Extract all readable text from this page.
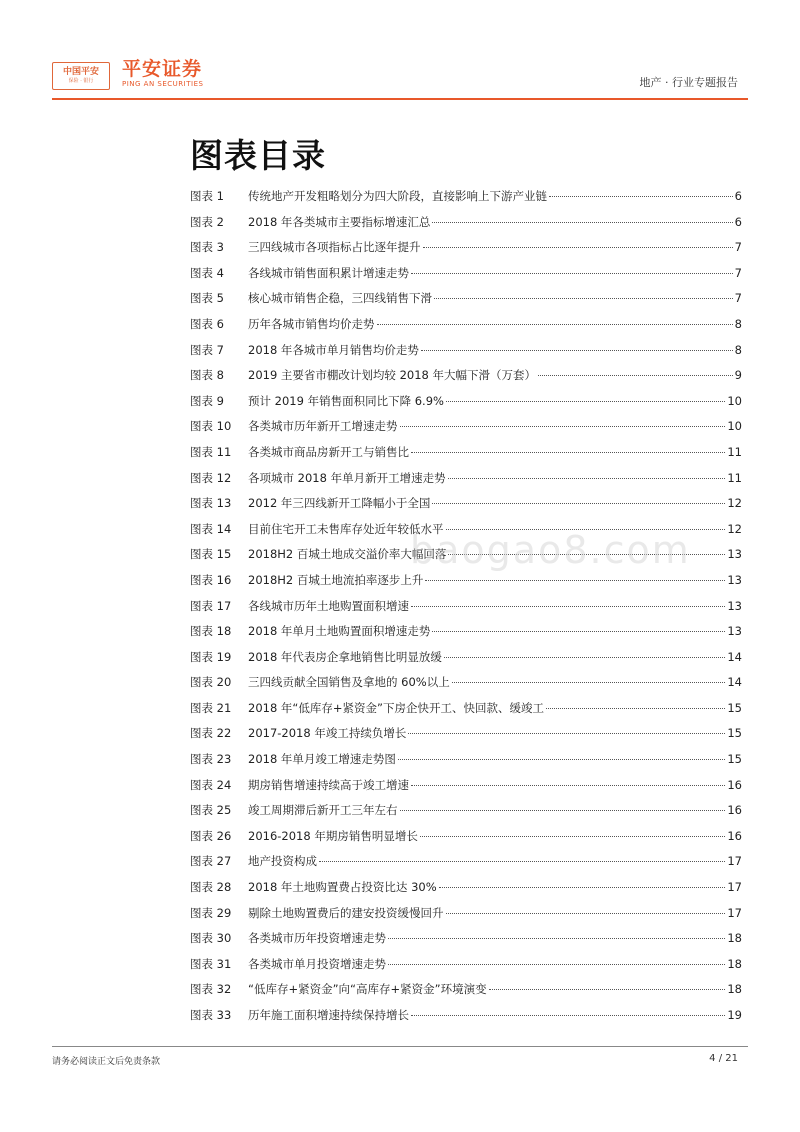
中国平安
保险 · 银行
平安证券
PING AN SECURITIES	地产 · 行业专题报告
图表目录
图表 1	传统地产开发粗略划分为四大阶段，直接影响上下游产业链	6
图表 2	2018 年各类城市主要指标增速汇总	6
图表 3	三四线城市各项指标占比逐年提升	7
图表 4	各线城市销售面积累计增速走势	7
图表 5	核心城市销售企稳，三四线销售下滑	7
图表 6	历年各城市销售均价走势	8
图表 7	2018 年各城市单月销售均价走势	8
图表 8	2019 主要省市棚改计划均较 2018 年大幅下滑（万套）	9
图表 9	预计 2019 年销售面积同比下降 6.9%	10
图表 10	各类城市历年新开工增速走势	10
图表 11	各类城市商品房新开工与销售比	11
图表 12	各项城市 2018 年单月新开工增速走势	11
图表 13	2012 年三四线新开工降幅小于全国	12
图表 14	目前住宅开工未售库存处近年较低水平	12
图表 15	2018H2 百城土地成交溢价率大幅回落	13
图表 16	2018H2 百城土地流拍率逐步上升	13
图表 17	各线城市历年土地购置面积增速	13
图表 18	2018 年单月土地购置面积增速走势	13
图表 19	2018 年代表房企拿地销售比明显放缓	14
图表 20	三四线贡献全国销售及拿地的 60%以上	14
图表 21	2018 年“低库存+紧资金”下房企快开工、快回款、缓竣工	15
图表 22	2017-2018 年竣工持续负增长	15
图表 23	2018 年单月竣工增速走势图	15
图表 24	期房销售增速持续高于竣工增速	16
图表 25	竣工周期滞后新开工三年左右	16
图表 26	2016-2018 年期房销售明显增长	16
图表 27	地产投资构成	17
图表 28	2018 年土地购置费占投资比达 30%	17
图表 29	剔除土地购置费后的建安投资缓慢回升	17
图表 30	各类城市历年投资增速走势	18
图表 31	各类城市单月投资增速走势	18
图表 32	“低库存+紧资金”向“高库存+紧资金”环境演变	18
图表 33	历年施工面积增速持续保持增长	19
baogao8.com
请务必阅读正文后免责条款	4 / 21
